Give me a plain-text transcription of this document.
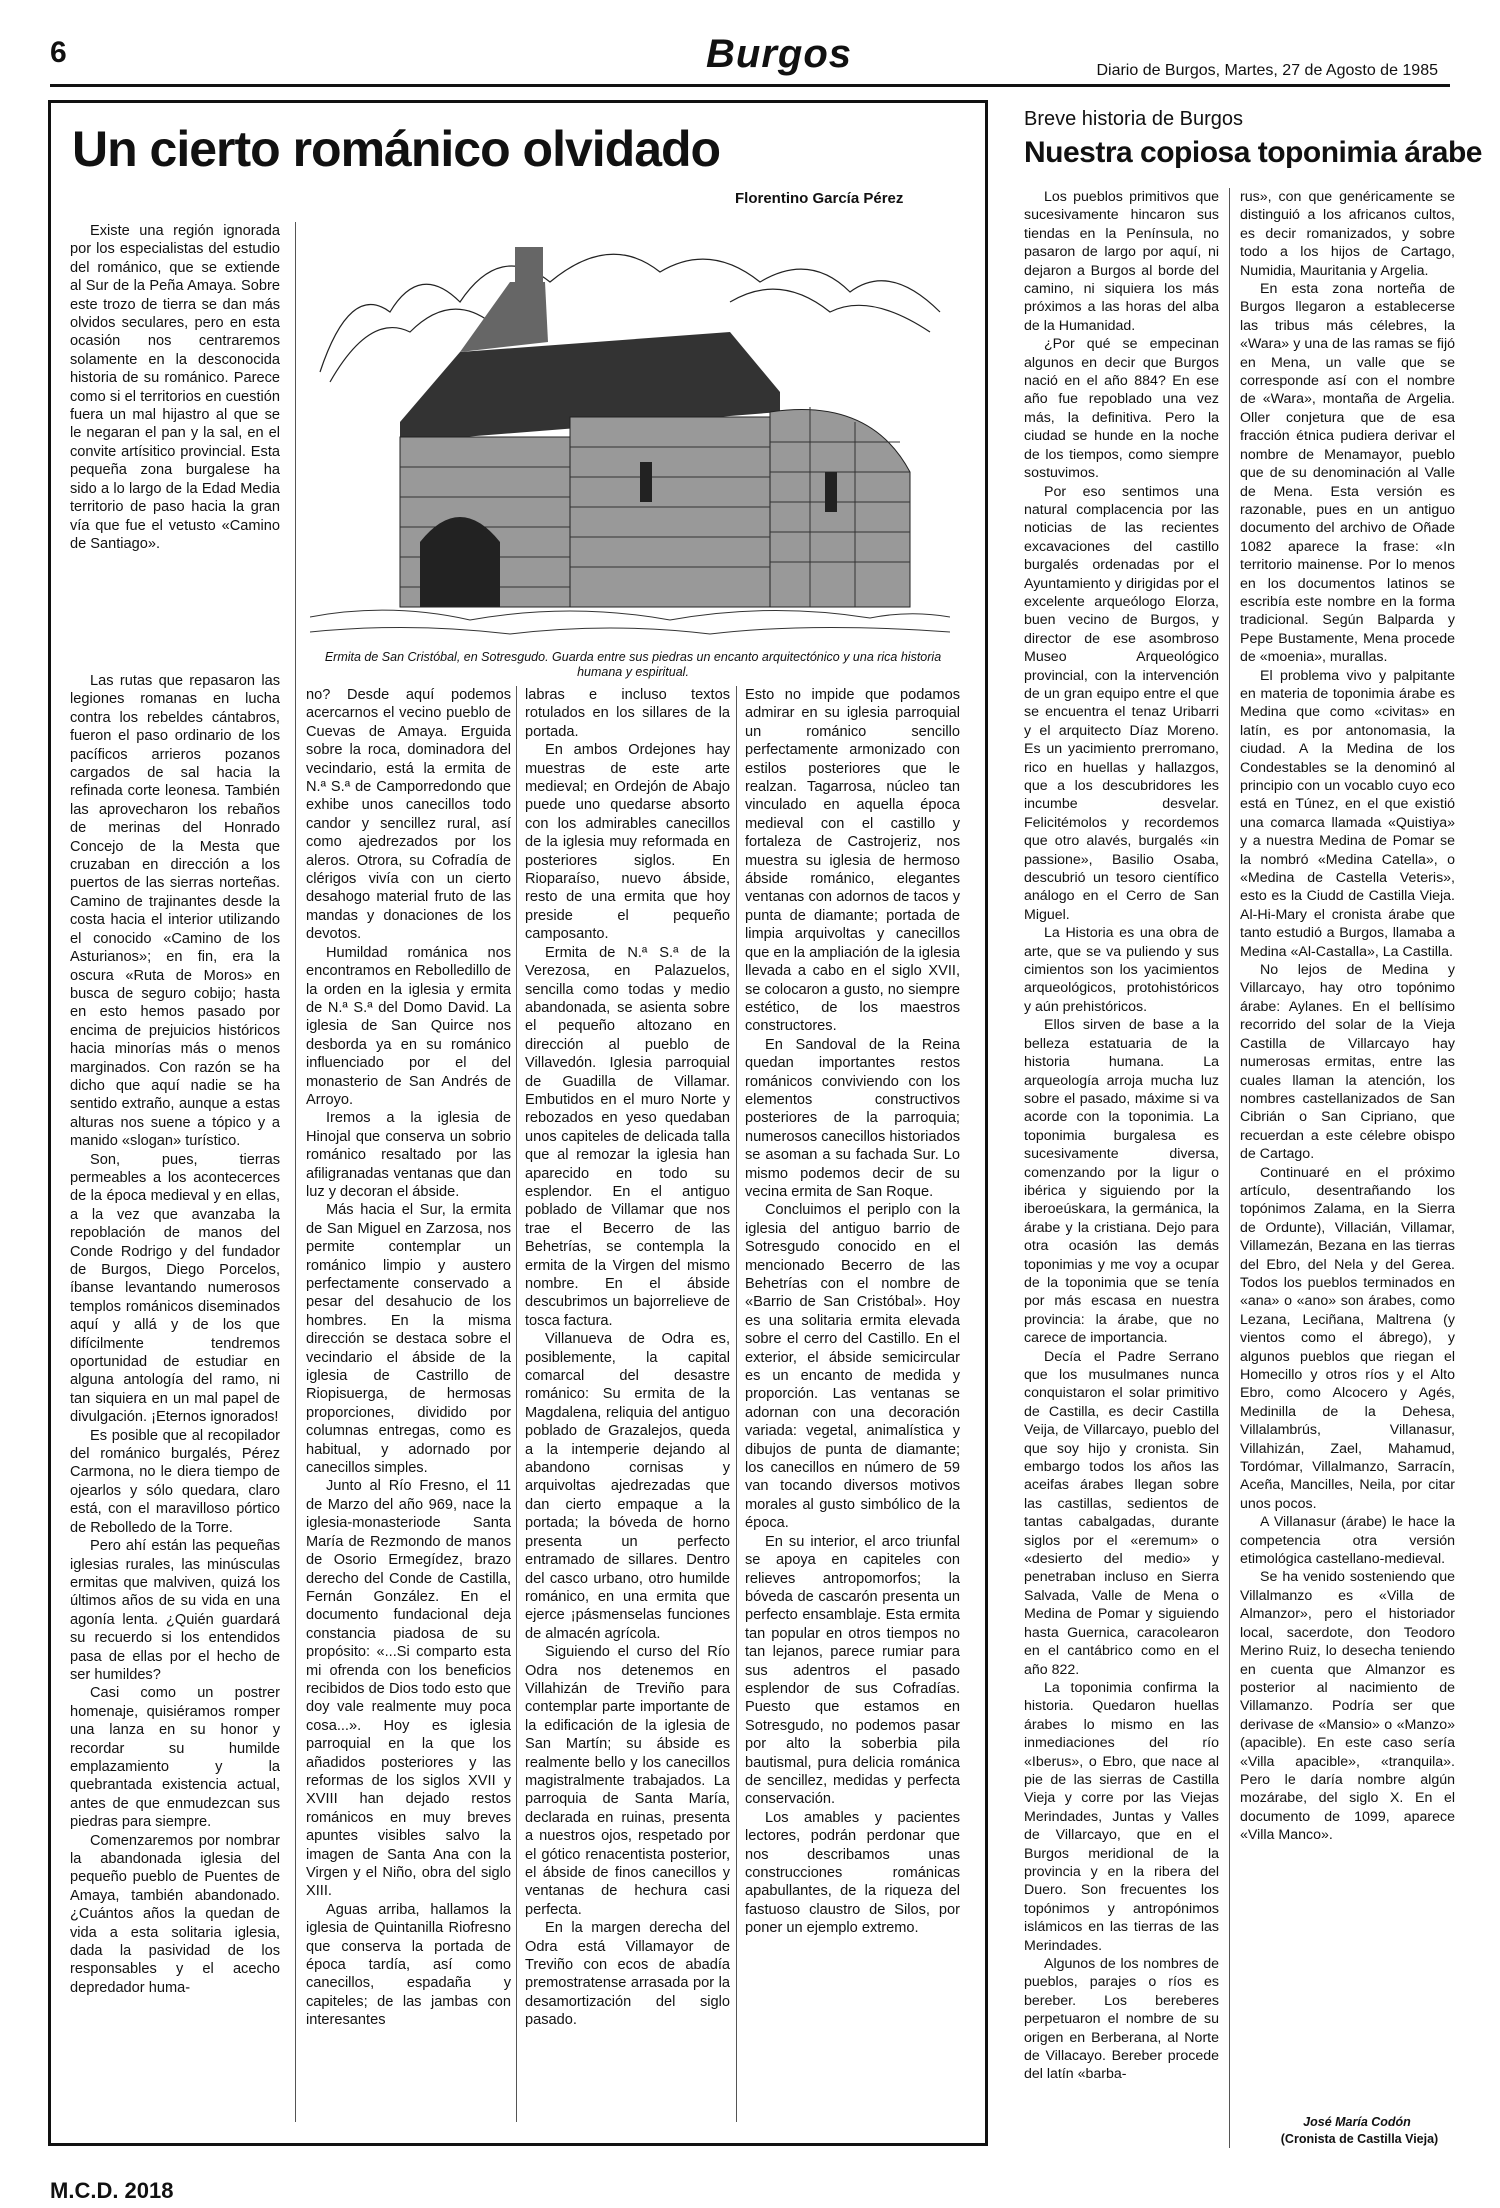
6	Burgos	Diario de Burgos, Martes, 27 de Agosto de 1985
Un cierto románico olvidado
Florentino García Pérez
Ermita de San Cristóbal, en Sotresgudo. Guarda entre sus piedras un encanto arquitectónico y una rica historia humana y espiritual.

Existe una región ignorada por los especialistas del estudio del románico, que se extiende al Sur de la Peña Amaya. Sobre este trozo de tierra se dan más olvidos seculares, pero en esta ocasión nos centraremos solamente en la desconocida historia de su románico. Parece como si el territorios en cuestión fuera un mal hijastro al que se le negaran el pan y la sal, en el convite artísitico provincial. Esta pequeña zona burgalese ha sido a lo largo de la Edad Media territorio de paso hacia la gran vía que fue el vetusto «Camino de Santiago».

Las rutas que repasaron las legiones romanas en lucha contra los rebeldes cántabros, fueron el paso ordinario de los pacíficos arrieros pozanos cargados de sal hacia la refinada corte leonesa. También las aprovecharon los rebaños de merinas del Honrado Concejo de la Mesta que cruzaban en dirección a los puertos de las sierras norteñas. Camino de trajinantes desde la costa hacia el interior utilizando el conocido «Camino de los Asturianos»; en fin, era la oscura «Ruta de Moros» en busca de seguro cobijo; hasta en esto hemos pasado por encima de prejuicios históricos hacia minorías más o menos marginados. Con razón se ha dicho que aquí nadie se ha sentido extraño, aunque a estas alturas nos suene a tópico y a manido «slogan» turístico.

Son, pues, tierras permeables a los acontecerces de la época medieval y en ellas, a la vez que avanzaba la repoblación de manos del Conde Rodrigo y del fundador de Burgos, Diego Porcelos, íbanse levantando numerosos templos románicos diseminados aquí y allá y de los que difícilmente tendremos oportunidad de estudiar en alguna antología del ramo, ni tan siquiera en un mal papel de divulgación. ¡Eternos ignorados!

Es posible que al recopilador del románico burgalés, Pérez Carmona, no le diera tiempo de ojearlos y sólo quedara, claro está, con el maravilloso pórtico de Rebolledo de la Torre.

Pero ahí están las pequeñas iglesias rurales, las minúsculas ermitas que malviven, quizá los últimos años de su vida en una agonía lenta. ¿Quién guardará su recuerdo si los entendidos pasa de ellas por el hecho de ser humildes?

Casi como un postrer homenaje, quisiéramos romper una lanza en su honor y recordar su humilde emplazamiento y la quebrantada existencia actual, antes de que enmudezcan sus piedras para siempre.

Comenzaremos por nombrar la abandonada iglesia del pequeño pueblo de Puentes de Amaya, también abandonado. ¿Cuántos años la quedan de vida a esta solitaria iglesia, dada la pasividad de los responsables y el acecho depredador huma-

no? Desde aquí podemos acercarnos el vecino pueblo de Cuevas de Amaya. Erguida sobre la roca, dominadora del vecindario, está la ermita de N.ª S.ª de Camporredondo que exhibe unos canecillos todo candor y sencillez rural, así como ajedrezados por los aleros. Otrora, su Cofradía de clérigos vivía con un cierto desahogo material fruto de las mandas y donaciones de los devotos.

Humildad románica nos encontramos en Rebolledillo de la orden en la iglesia y ermita de N.ª S.ª del Domo David. La iglesia de San Quirce nos desborda ya en su románico influenciado por el del monasterio de San Andrés de Arroyo.

Iremos a la iglesia de Hinojal que conserva un sobrio románico resaltado por las afiligranadas ventanas que dan luz y decoran el ábside.

Más hacia el Sur, la ermita de San Miguel en Zarzosa, nos permite contemplar un románico limpio y austero perfectamente conservado a pesar del desahucio de los hombres. En la misma dirección se destaca sobre el vecindario el ábside de la iglesia de Castrillo de Riopisuerga, de hermosas proporciones, dividido por columnas entregas, como es habitual, y adornado por canecillos simples.

Junto al Río Fresno, el 11 de Marzo del año 969, nace la iglesia-monasteriode Santa María de Rezmondo de manos de Osorio Ermegídez, brazo derecho del Conde de Castilla, Fernán González. En el documento fundacional deja constancia piadosa de su propósito: «...Si comparto esta mi ofrenda con los beneficios recibidos de Dios todo esto que doy vale realmente muy poca cosa...». Hoy es iglesia parroquial en la que los añadidos posteriores y las reformas de los siglos XVII y XVIII han dejado restos románicos en muy breves apuntes visibles salvo la imagen de Santa Ana con la Virgen y el Niño, obra del siglo XIII.

Aguas arriba, hallamos la iglesia de Quintanilla Riofresno que conserva la portada de época tardía, así como canecillos, espadaña y capiteles; de las jambas con interesantes

labras e incluso textos rotulados en los sillares de la portada.

En ambos Ordejones hay muestras de este arte medieval; en Ordejón de Abajo puede uno quedarse absorto con los admirables canecillos de la iglesia muy reformada en posteriores siglos. En Rioparaíso, nuevo ábside, resto de una ermita que hoy preside el pequeño camposanto.

Ermita de N.ª S.ª de la Verezosa, en Palazuelos, sencilla como todas y medio abandonada, se asienta sobre el pequeño altozano en dirección al pueblo de Villavedón. Iglesia parroquial de Guadilla de Villamar. Embutidos en el muro Norte y rebozados en yeso quedaban unos capiteles de delicada talla que al remozar la iglesia han aparecido en todo su esplendor. En el antiguo poblado de Villamar que nos trae el Becerro de las Behetrías, se contempla la ermita de la Virgen del mismo nombre. En el ábside descubrimos un bajorrelieve de tosca factura.

Villanueva de Odra es, posiblemente, la capital comarcal del desastre románico: Su ermita de la Magdalena, reliquia del antiguo poblado de Grazalejos, queda a la intemperie dejando al abandono cornisas y arquivoltas ajedrezadas que dan cierto empaque a la portada; la bóveda de horno presenta un perfecto entramado de sillares. Dentro del casco urbano, otro humilde románico, en una ermita que ejerce ¡pásmenselas funciones de almacén agrícola.

Siguiendo el curso del Río Odra nos detenemos en Villahizán de Treviño para contemplar parte importante de la edificación de la iglesia de San Martín; su ábside es realmente bello y los canecillos magistralmente trabajados. La parroquia de Santa María, declarada en ruinas, presenta a nuestros ojos, respetado por el gótico renacentista posterior, el ábside de finos canecillos y ventanas de hechura casi perfecta.

En la margen derecha del Odra está Villamayor de Treviño con ecos de abadía premostratense arrasada por la desamortización del siglo pasado.

Esto no impide que podamos admirar en su iglesia parroquial un románico sencillo perfectamente armonizado con estilos posteriores que le realzan. Tagarrosa, núcleo tan vinculado en aquella época medieval con el castillo y fortaleza de Castrojeriz, nos muestra su iglesia de hermoso ábside románico, elegantes ventanas con adornos de tacos y punta de diamante; portada de limpia arquivoltas y canecillos que en la ampliación de la iglesia llevada a cabo en el siglo XVII, se colocaron a gusto, no siempre estético, de los maestros constructores.

En Sandoval de la Reina quedan importantes restos románicos conviviendo con los elementos constructivos posteriores de la parroquia; numerosos canecillos historiados se asoman a su fachada Sur. Lo mismo podemos decir de su vecina ermita de San Roque.

Concluimos el periplo con la iglesia del antiguo barrio de Sotresgudo conocido en el mencionado Becerro de las Behetrías con el nombre de «Barrio de San Cristóbal». Hoy es una solitaria ermita elevada sobre el cerro del Castillo. En el exterior, el ábside semicircular es un encanto de medida y proporción. Las ventanas se adornan con una decoración variada: vegetal, animalística y dibujos de punta de diamante; los canecillos en número de 59 van tocando diversos motivos morales al gusto simbólico de la época.

En su interior, el arco triunfal se apoya en capiteles con relieves antropomorfos; la bóveda de cascarón presenta un perfecto ensamblaje. Esta ermita tan popular en otros tiempos no tan lejanos, parece rumiar para sus adentros el pasado esplendor de sus Cofradías. Puesto que estamos en Sotresgudo, no podemos pasar por alto la soberbia pila bautismal, pura delicia románica de sencillez, medidas y perfecta conservación.

Los amables y pacientes lectores, podrán perdonar que nos describamos unas construcciones románicas apabullantes, de la riqueza del fastuoso claustro de Silos, por poner un ejemplo extremo.

Breve historia de Burgos
Nuestra copiosa toponimia árabe

Los pueblos primitivos que sucesivamente hincaron sus tiendas en la Península, no pasaron de largo por aquí, ni dejaron a Burgos al borde del camino, ni siquiera los más próximos a las horas del alba de la Humanidad.

¿Por qué se empecinan algunos en decir que Burgos nació en el año 884? En ese año fue repoblado una vez más, la definitiva. Pero la ciudad se hunde en la noche de los tiempos, como siempre sostuvimos.

Por eso sentimos una natural complacencia por las noticias de las recientes excavaciones del castillo burgalés ordenadas por el Ayuntamiento y dirigidas por el excelente arqueólogo Elorza, buen vecino de Burgos, y director de ese asombroso Museo Arqueológico provincial, con la intervención de un gran equipo entre el que se encuentra el tenaz Uribarri y el arquitecto Díaz Moreno. Es un yacimiento prerromano, rico en huellas y hallazgos, que a los descubridores les incumbe desvelar. Felicitémolos y recordemos que otro alavés, burgalés «in passione», Basilio Osaba, descubrió un tesoro científico análogo en el Cerro de San Miguel.

La Historia es una obra de arte, que se va puliendo y sus cimientos son los yacimientos arqueológicos, protohistóricos y aún prehistóricos.

Ellos sirven de base a la belleza estatuaria de la historia humana. La arqueología arroja mucha luz sobre el pasado, máxime si va acorde con la toponimia. La toponimia burgalesa es sucesivamente diversa, comenzando por la ligur o ibérica y siguiendo por la iberoeúskara, la germánica, la árabe y la cristiana. Dejo para otra ocasión las demás toponimias y me voy a ocupar de la toponimia que se tenía por más escasa en nuestra provincia: la árabe, que no carece de importancia.

Decía el Padre Serrano que los musulmanes nunca conquistaron el solar primitivo de Castilla, es decir Castilla Veija, de Villarcayo, pueblo del que soy hijo y cronista. Sin embargo todos los años las aceifas árabes llegan sobre las castillas, sedientos de tantas cabalgadas, durante siglos por el «eremum» o «desierto del medio» y penetraban incluso en Sierra Salvada, Valle de Mena o Medina de Pomar y siguiendo hasta Guernica, caracolearon en el cantábrico como en el año 822.

La toponimia confirma la historia. Quedaron huellas árabes lo mismo en las inmediaciones del río «Iberus», o Ebro, que nace al pie de las sierras de Castilla Vieja y corre por las Viejas Merindades, Juntas y Valles de Villarcayo, que en el Burgos meridional de la provincia y en la ribera del Duero. Son frecuentes los topónimos y antropónimos islámicos en las tierras de las Merindades.

Algunos de los nombres de pueblos, parajes o ríos es bereber. Los bereberes perpetuaron el nombre de su origen en Berberana, al Norte de Villacayo. Bereber procede del latín «barba-

rus», con que genéricamente se distinguió a los africanos cultos, es decir romanizados, y sobre todo a los hijos de Cartago, Numidia, Mauritania y Argelia.

En esta zona norteña de Burgos llegaron a establecerse las tribus más célebres, la «Wara» y una de las ramas se fijó en Mena, un valle que se corresponde así con el nombre de «Wara», montaña de Argelia. Oller conjetura que de esa fracción étnica pudiera derivar el nombre de Menamayor, pueblo que de su denominación al Valle de Mena. Esta versión es razonable, pues en un antiguo documento del archivo de Oñade 1082 aparece la frase: «In territorio mainense. Por lo menos en los documentos latinos se escribía este nombre en la forma tradicional. Según Balparda y Pepe Bustamente, Mena procede de «moenia», murallas.

El problema vivo y palpitante en materia de toponimia árabe es Medina que como «civitas» en latín, es por antonomasia, la ciudad. A la Medina de los Condestables se la denominó al principio con un vocablo cuyo eco está en Túnez, en el que existió una comarca llamada «Quistiya» y a nuestra Medina de Pomar se la nombró «Medina Catella», o «Medina de Castella Veteris», esto es la Ciudd de Castilla Vieja. Al-Hi-Mary el cronista árabe que tanto estudió a Burgos, llamaba a Medina «Al-Castalla», La Castilla.

No lejos de Medina y Villarcayo, hay otro topónimo árabe: Aylanes. En el bellísimo recorrido del solar de la Vieja Castilla de Villarcayo hay numerosas ermitas, entre las cuales llaman la atención, los nombres castellanizados de San Cibrián o San Cipriano, que recuerdan a este célebre obispo de Cartago.

Continuaré en el próximo artículo, desentrañando los topónimos Zalama, en la Sierra de Ordunte), Villacián, Villamar, Villamezán, Bezana en las tierras del Ebro, del Nela y del Gerea. Todos los pueblos terminados en «ana» o «ano» son árabes, como Lezana, Leciñana, Maltrena (y vientos como el ábrego), y algunos pueblos que riegan el Homecillo y otros ríos y el Alto Ebro, como Alcocero y Agés, Medinilla de la Dehesa, Villalambrús, Villanasur, Villahizán, Zael, Mahamud, Tordómar, Villalmanzo, Sarracín, Aceña, Mancilles, Neila, por citar unos pocos.

A Villanasur (árabe) le hace la competencia otra versión etimológica castellano-medieval.

Se ha venido sosteniendo que Villalmanzo es «Villa de Almanzor», pero el historiador local, sacerdote, don Teodoro Merino Ruiz, lo desecha teniendo en cuenta que Almanzor es posterior al nacimiento de Villamanzo. Podría ser que derivase de «Mansio» o «Manzo» (apacible). En este caso sería «Villa apacible», «tranquila». Pero le daría nombre algún mozárabe, del siglo X. En el documento de 1099, aparece «Villa Manco».

José María Codón
(Cronista de Castilla Vieja)
M.C.D. 2018
